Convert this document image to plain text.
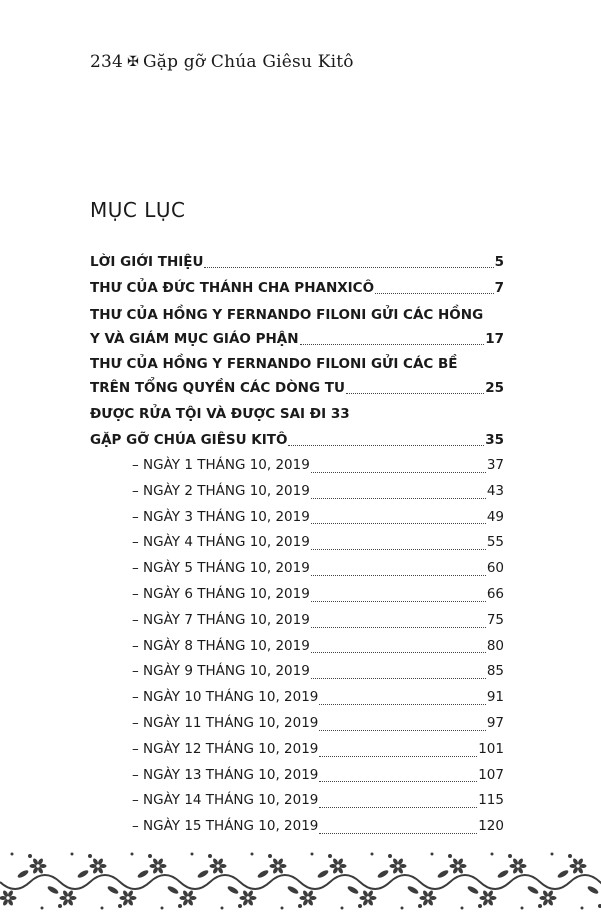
234 ✠ Gặp gỡ Chúa Giêsu Kitô
MỤC LỤC
LỜI GIỚI THIỆU	5
THƯ CỦA ĐỨC THÁNH CHA PHANXICÔ	7
THƯ CỦA HỒNG Y FERNANDO FILONI GỬI CÁC HỒNG
Y VÀ GIÁM MỤC GIÁO PHẬN	17
THƯ CỦA HỒNG Y FERNANDO FILONI GỬI CÁC BỀ
TRÊN TỔNG QUYỀN CÁC DÒNG TU	25
ĐƯỢC RỬA TỘI VÀ ĐƯỢC SAI ĐI 33
GẶP GỠ CHÚA GIÊSU KITÔ	35
– NGÀY 1 THÁNG 10, 2019	37
– NGÀY 2 THÁNG 10, 2019	43
– NGÀY 3 THÁNG 10, 2019	49
– NGÀY 4 THÁNG 10, 2019	55
– NGÀY 5 THÁNG 10, 2019	60
– NGÀY 6 THÁNG 10, 2019	66
– NGÀY 7 THÁNG 10, 2019	75
– NGÀY 8 THÁNG 10, 2019	80
– NGÀY 9 THÁNG 10, 2019	85
– NGÀY 10 THÁNG 10, 2019	91
– NGÀY 11 THÁNG 10, 2019	97
– NGÀY 12 THÁNG 10, 2019	101
– NGÀY 13 THÁNG 10, 2019	107
– NGÀY 14 THÁNG 10, 2019	115
– NGÀY 15 THÁNG 10, 2019	120
